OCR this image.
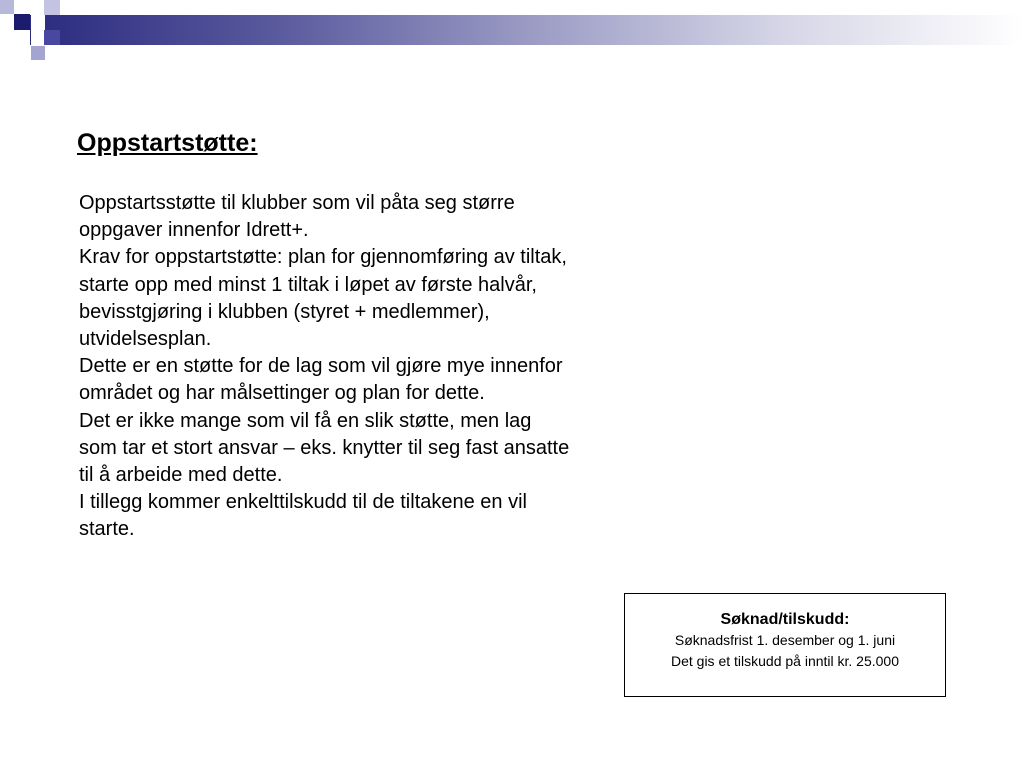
Oppstartstøtte:
Oppstartsstøtte til klubber som vil påta seg større oppgaver innenfor Idrett+.
Krav for oppstartstøtte: plan for gjennomføring av tiltak, starte opp med minst 1 tiltak i løpet av første halvår, bevisstgjøring i klubben (styret + medlemmer), utvidelsesplan.
Dette er en støtte for de lag som vil gjøre mye innenfor området og har målsettinger og plan for dette.
Det er ikke mange som vil få en slik støtte, men lag som tar et stort ansvar – eks. knytter til seg fast ansatte til å arbeide med dette.
I tillegg kommer enkelttilskudd til de tiltakene en vil starte.
Søknad/tilskudd:
Søknadsfrist 1. desember og 1. juni
Det gis et tilskudd på inntil kr. 25.000
